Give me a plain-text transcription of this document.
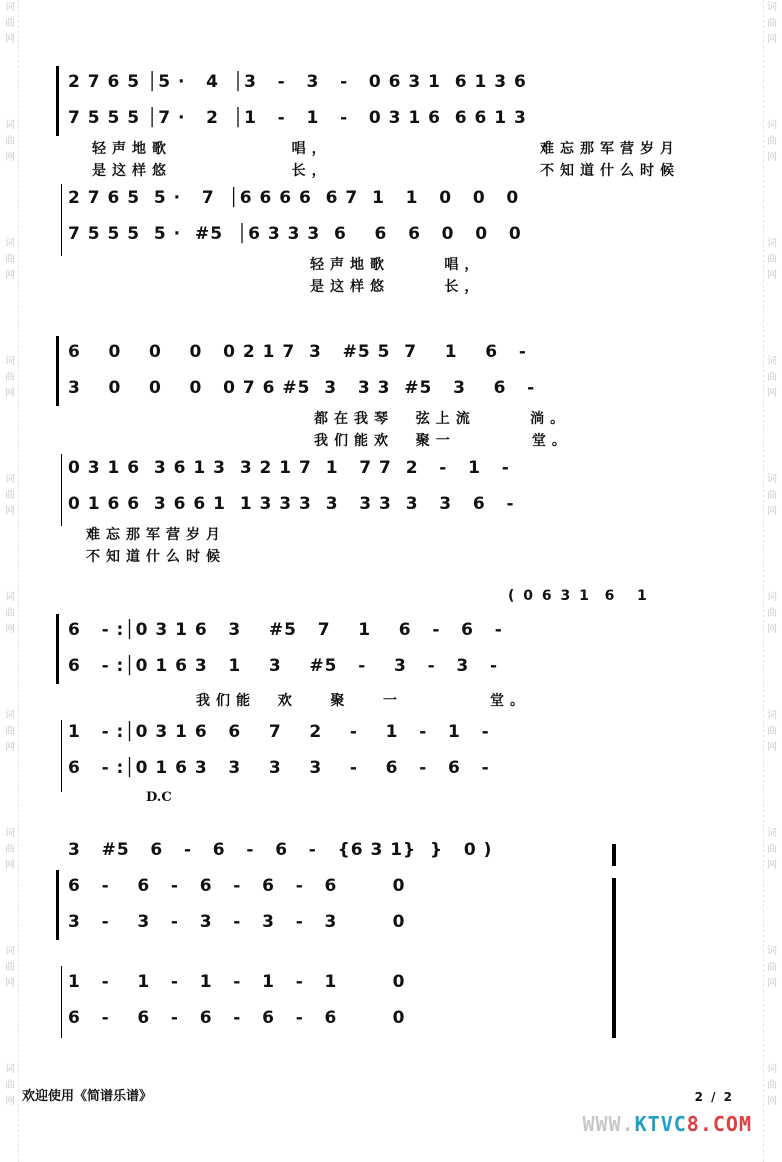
词
曲
网
词
曲
网
词
曲
网
词
曲
网
词
曲
网
词
曲
网
词
曲
网
词
曲
网
词
曲
网
词
曲
网
词
曲
网
词
曲
网
词
曲
网
词
曲
网
词
曲
网
词
曲
网
词
曲
网
词
曲
网
词
曲
网
词
曲
网
2 7 6 5 │5 ·   4  │3   -   3   -   0 6 3 1  6 1 3 6
7 5 5 5 │7 ·   2  │1   -   1   -   0 3 1 6  6 6 1 3
轻声地歌           唱，	难忘那军营岁月
是这样悠           长，	不知道什么时候
2 7 6 5  5 ·   7  │6 6 6 6  6 7  1   1   0   0   0
7 5 5 5  5 ·  #5  │6 3 3 3  6    6   6   0   0   0
轻声地歌     唱，
是这样悠     长，
6    0    0    0   0 2 1 7  3   #5 5  7    1    6   -
3    0    0    0   0 7 6 #5  3   3 3  #5   3    6   -
都在我琴  弦上流     淌。
我们能欢  聚一       堂。
0 3 1 6  3 6 1 3  3 2 1 7  1   7 7  2   -   1   -
0 1 6 6  3 6 6 1  1 3 3 3  3   3 3  3   3   6   -
难忘那军营岁月
不知道什么时候
( 0 6 3 1  6   1
6   - :│0 3 1 6   3    #5   7    1    6   -   6   -
6   - :│0 1 6 3   1    3    #5   -    3   -   3   -
我们能  欢   聚   一        堂。
1   - :│0 3 1 6   6    7    2    -    1   -   1   -
6   - :│0 1 6 3   3    3    3    -    6   -   6   -
D.C
3   #5   6   -   6   -   6   -   {6 3 1}  }   0 )
6   -    6   -   6   -   6   -   6        0
3   -    3   -   3   -   3   -   3        0
1   -    1   -   1   -   1   -   1        0
6   -    6   -   6   -   6   -   6        0
欢迎使用《简谱乐谱》	2 / 2
WWW.KTVC8.COM
